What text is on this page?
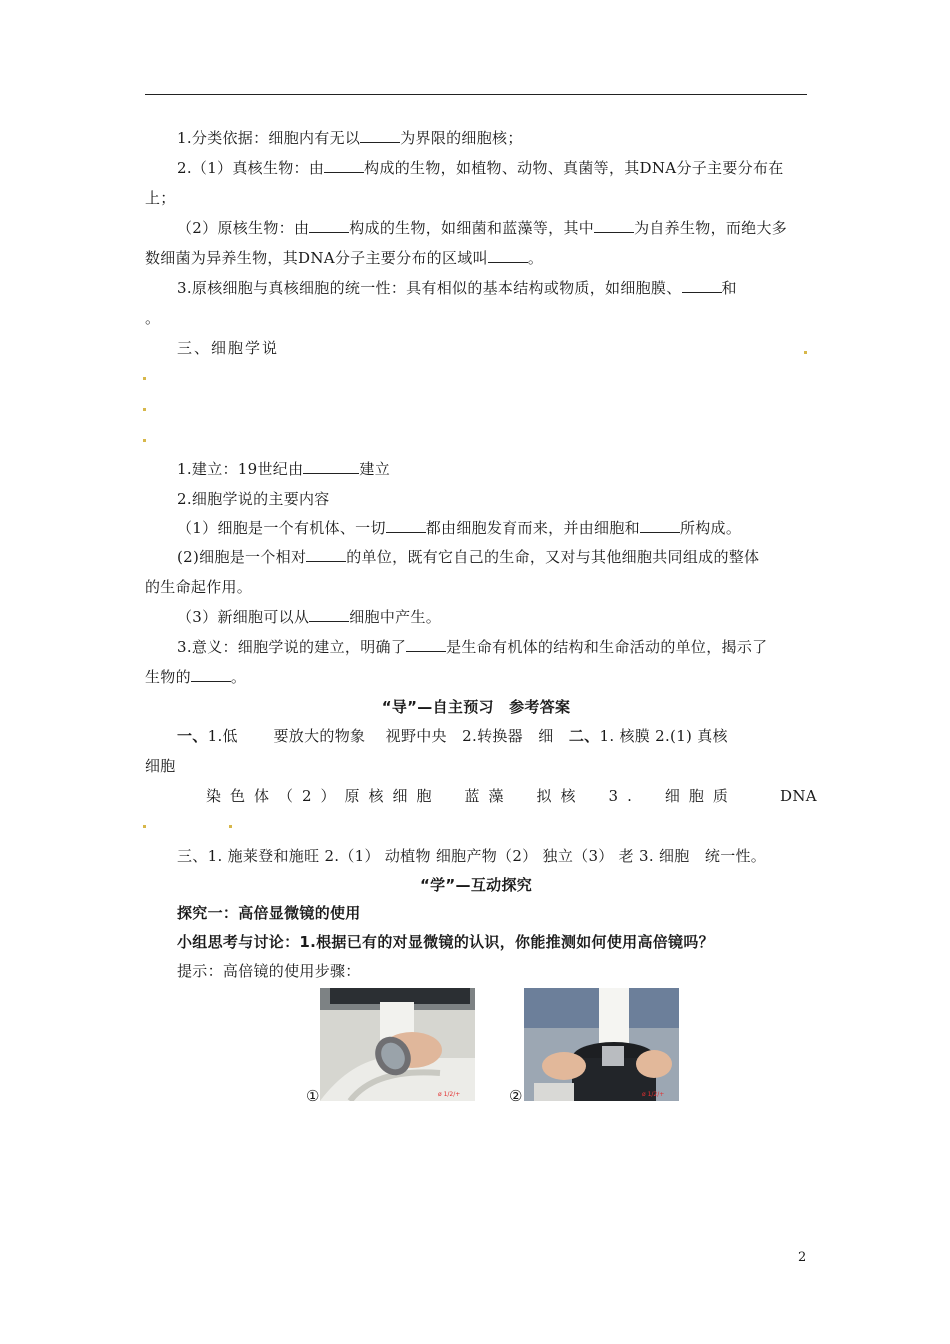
1.分类依据：细胞内有无以	为界限的细胞核；
2.（1）真核生物：由	构成的生物，如植物、动物、真菌等，其DNA分子主要分布在
上；
（2）原核生物：由	构成的生物，如细菌和蓝藻等，其中	为自养生物，而绝大多
数细菌为异养生物，其DNA分子主要分布的区域叫	。
3.原核细胞与真核细胞的统一性：具有相似的基本结构或物质，如细胞膜、	和
。
三、细胞学说
1.建立：19世纪由	建立
2.细胞学说的主要内容
（1）细胞是一个有机体、一切	都由细胞发育而来，并由细胞和	所构成。
(2)细胞是一个相对	的单位，既有它自己的生命，又对与其他细胞共同组成的整体
的生命起作用。
（3）新细胞可以从	细胞中产生。
3.意义：细胞学说的建立，明确了	是生命有机体的结构和生命活动的单位，揭示了
生物的	。
“导”—自主预习　参考答案
一、1.低　　 要放大的物象　 视野中央　2.转换器　细　二、1. 核膜 2.(1) 真核
细胞
染色体（2）原核细胞　蓝藻　拟核　3.　细胞质	DNA
三、1. 施莱登和施旺 2.（1） 动植物 细胞产物（2） 独立（3） 老 3. 细胞　统一性。
“学”—互动探究
探究一：高倍显微镜的使用
小组思考与讨论：1.根据已有的对显微镜的认识，你能推测如何使用高倍镜吗？
提示：高倍镜的使用步骤：
ø 1/2/+
①	ø 1/2/+
②
2
